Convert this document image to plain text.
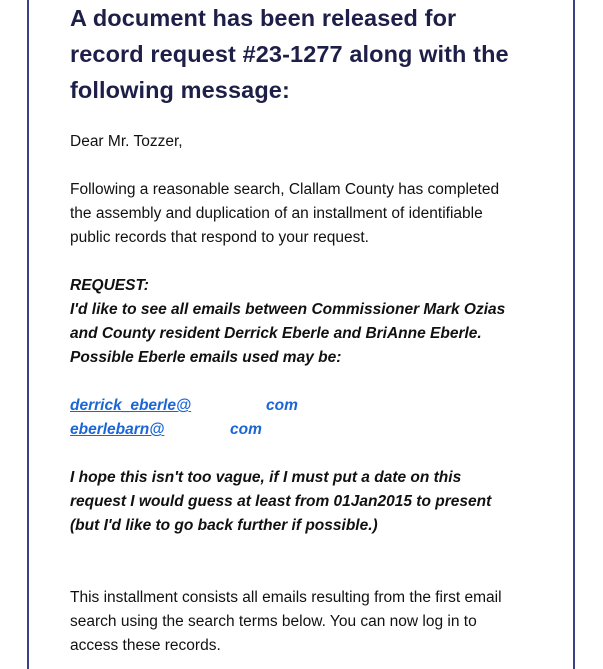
A document has been released for
record request #23-1277 along with the
following message:

Dear Mr. Tozzer,

Following a reasonable search, Clallam County has completed
the assembly and duplication of an installment of identifiable
public records that respond to your request.

REQUEST:
I'd like to see all emails between Commissioner Mark Ozias
and County resident Derrick Eberle and BriAnne Eberle.
Possible Eberle emails used may be:

derrick_eberle@	com
eberlebarn@	com

I hope this isn't too vague, if I must put a date on this
request I would guess at least from 01Jan2015 to present
(but I'd like to go back further if possible.)

This installment consists all emails resulting from the first email
search using the search terms below. You can now log in to
access these records.
